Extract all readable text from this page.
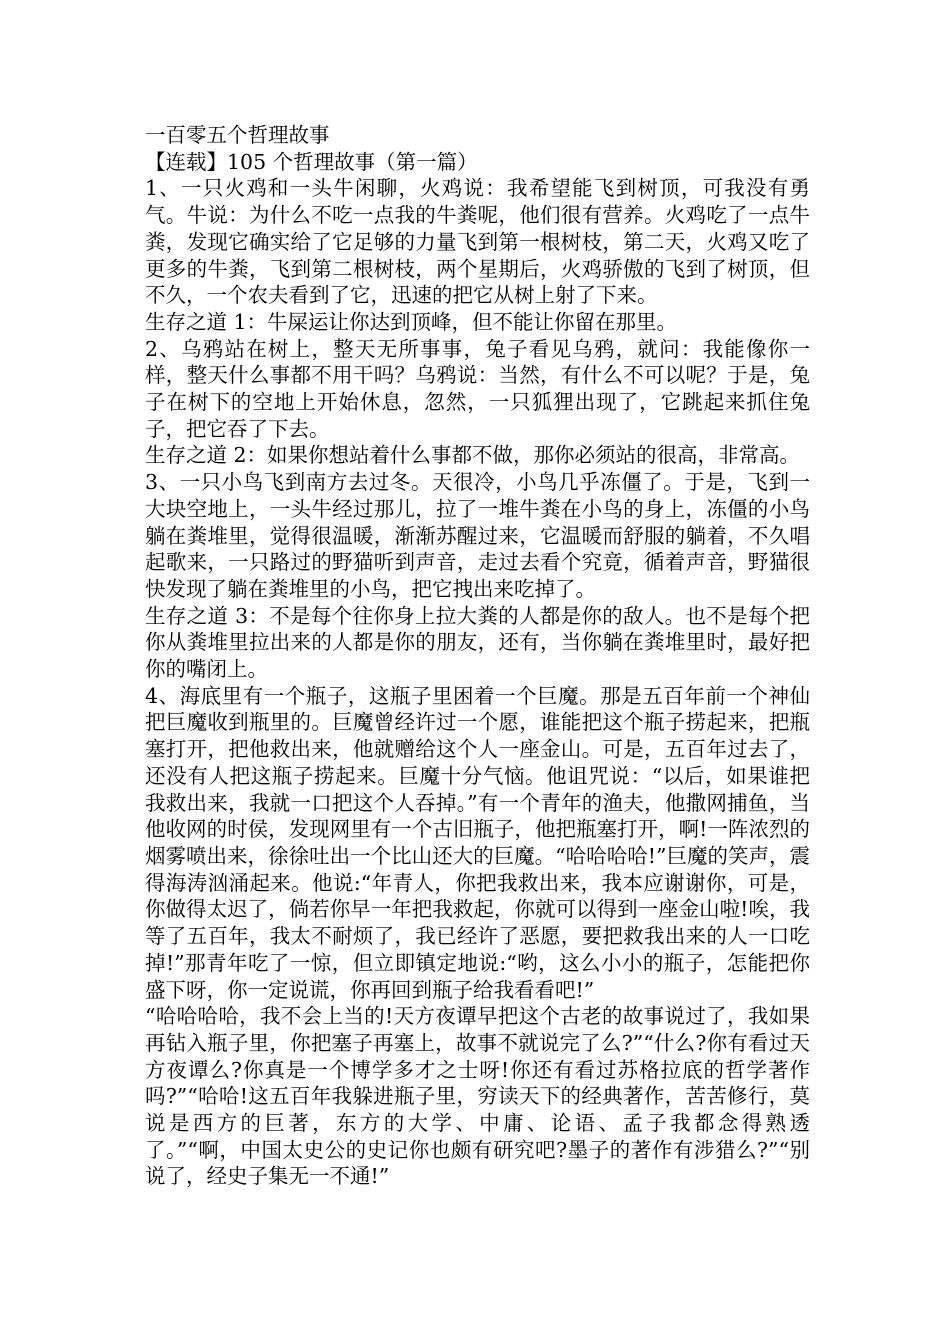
一百零五个哲理故事

【连载】105 个哲理故事（第一篇）

1、一只火鸡和一头牛闲聊，火鸡说：我希望能飞到树顶，可我没有勇气。牛说：为什么不吃一点我的牛粪呢，他们很有营养。火鸡吃了一点牛粪，发现它确实给了它足够的力量飞到第一根树枝，第二天，火鸡又吃了更多的牛粪，飞到第二根树枝，两个星期后，火鸡骄傲的飞到了树顶，但不久，一个农夫看到了它，迅速的把它从树上射了下来。

生存之道 1：牛屎运让你达到顶峰，但不能让你留在那里。

2、乌鸦站在树上，整天无所事事，兔子看见乌鸦，就问：我能像你一样，整天什么事都不用干吗？乌鸦说：当然，有什么不可以呢？于是，兔子在树下的空地上开始休息，忽然，一只狐狸出现了，它跳起来抓住兔子，把它吞了下去。

生存之道 2：如果你想站着什么事都不做，那你必须站的很高，非常高。

3、一只小鸟飞到南方去过冬。天很冷，小鸟几乎冻僵了。于是，飞到一大块空地上，一头牛经过那儿，拉了一堆牛粪在小鸟的身上，冻僵的小鸟躺在粪堆里，觉得很温暖，渐渐苏醒过来，它温暖而舒服的躺着，不久唱起歌来，一只路过的野猫听到声音，走过去看个究竟，循着声音，野猫很快发现了躺在粪堆里的小鸟，把它拽出来吃掉了。

生存之道 3：不是每个往你身上拉大粪的人都是你的敌人。也不是每个把你从粪堆里拉出来的人都是你的朋友，还有，当你躺在粪堆里时，最好把你的嘴闭上。

4、海底里有一个瓶子，这瓶子里困着一个巨魔。那是五百年前一个神仙把巨魔收到瓶里的。巨魔曾经许过一个愿，谁能把这个瓶子捞起来，把瓶塞打开，把他救出来，他就赠给这个人一座金山。可是，五百年过去了，还没有人把这瓶子捞起来。巨魔十分气恼。他诅咒说：“以后，如果谁把我救出来，我就一口把这个人吞掉。”有一个青年的渔夫，他撒网捕鱼，当他收网的时侯，发现网里有一个古旧瓶子，他把瓶塞打开，啊!一阵浓烈的烟雾喷出来，徐徐吐出一个比山还大的巨魔。“哈哈哈哈!”巨魔的笑声，震得海涛汹涌起来。他说:“年青人，你把我救出来，我本应谢谢你，可是，你做得太迟了，倘若你早一年把我救起，你就可以得到一座金山啦!唉，我等了五百年，我太不耐烦了，我已经许了恶愿，要把救我出来的人一口吃掉!”那青年吃了一惊，但立即镇定地说:“哟，这么小小的瓶子，怎能把你盛下呀，你一定说谎，你再回到瓶子给我看看吧!”

“哈哈哈哈，我不会上当的!天方夜谭早把这个古老的故事说过了，我如果再钻入瓶子里，你把塞子再塞上，故事不就说完了么?”“什么?你有看过天方夜谭么?你真是一个博学多才之士呀!你还有看过苏格拉底的哲学著作吗?”“哈哈!这五百年我躲进瓶子里，穷读天下的经典著作，苦苦修行，莫说是西方的巨著，东方的大学、中庸、论语、孟子我都念得熟透了。”“啊，中国太史公的史记你也颇有研究吧?墨子的著作有涉猎么?”“别说了，经史子集无一不通!”
